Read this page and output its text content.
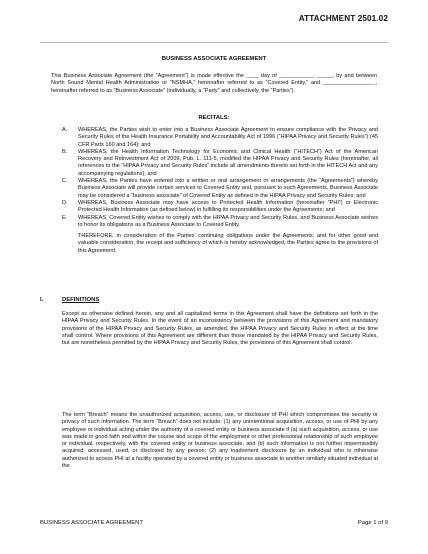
ATTACHMENT 2501.02
BUSINESS ASSOCIATE AGREEMENT
This Business Associate Agreement (the “Agreement”) is made effective the ____ day of ___________, _____, by and between North Sound Mental Health Administration or “NSMHA,” hereinafter referred to as “Covered Entity,” and _________________, hereinafter referred to as “Business Associate” (individually, a “Party” and collectively, the “Parties”).
RECITALS:
A. WHEREAS, the Parties wish to enter into a Business Associate Agreement to ensure compliance with the Privacy and Security Rules of the Health Insurance Portability and Accountability Act of 1996 (“HIPAA Privacy and Security Rules”) (45 CFR Parts 160 and 164); and
B. WHEREAS, the Health Information Technology for Economic and Clinical Health (“HITECH”) Act of the American Recovery and Reinvestment Act of 2009, Pub. L. 111-5, modified the HIPAA Privacy and Security Rules (hereinafter, all references to the “HIPAA Privacy and Security Rules” include all amendments thereto set forth in the HITECH Act and any accompanying regulations); and
C. WHEREAS, the Parties have entered into a written or oral arrangement or arrangements (the “Agreements”) whereby Business Associate will provide certain services to Covered Entity and, pursuant to such Agreements, Business Associate may be considered a “business associate” of Covered Entity as defined in the HIPAA Privacy and Security Rules; and
D. WHEREAS, Business Associate may have access to Protected Health Information (hereinafter “PHI”) or Electronic Protected Health Information (as defined below) in fulfilling its responsibilities under the Agreements; and
E. WHEREAS, Covered Entity wishes to comply with the HIPAA Privacy and Security Rules, and Business Associate wishes to honor its obligations as a Business Associate to Covered Entity.
THEREFORE, in consideration of the Parties’ continuing obligations under the Agreements, and for other good and valuable consideration, the receipt and sufficiency of which is hereby acknowledged, the Parties agree to the provisions of this Agreement.
I.	DEFINITIONS
Except as otherwise defined herein, any and all capitalized terms in this Agreement shall have the definitions set forth in the HIPAA Privacy and Security Rules. In the event of an inconsistency between the provisions of this Agreement and mandatory provisions of the HIPAA Privacy and Security Rules, as amended, the HIPAA Privacy and Security Rules in effect at the time shall control. Where provisions of this Agreement are different than those mandated by the HIPAA Privacy and Security Rules, but are nonetheless permitted by the HIPAA Privacy and Security Rules, the provisions of this Agreement shall control.
The term “Breach” means the unauthorized acquisition, access, use, or disclosure of PHI which compromises the security or privacy of such information. The term “Breach” does not include: (1) any unintentional acquisition, access, or use of PHI by any employee or individual acting under the authority of a covered entity or business associate if (a) such acquisition, access, or use was made in good faith and within the course and scope of the employment or other professional relationship of such employee or individual, respectively, with the covered entity or business associate, and (b) such information is not further impermissibly acquired, accessed, used, or disclosed by any person; (2) any inadvertent disclosure by an individual who is otherwise authorized to access PHI at a facility operated by a covered entity or business associate to another similarly situated individual at the
BUSINESS ASSOCIATE AGREEMENT	Page 1 of 9
